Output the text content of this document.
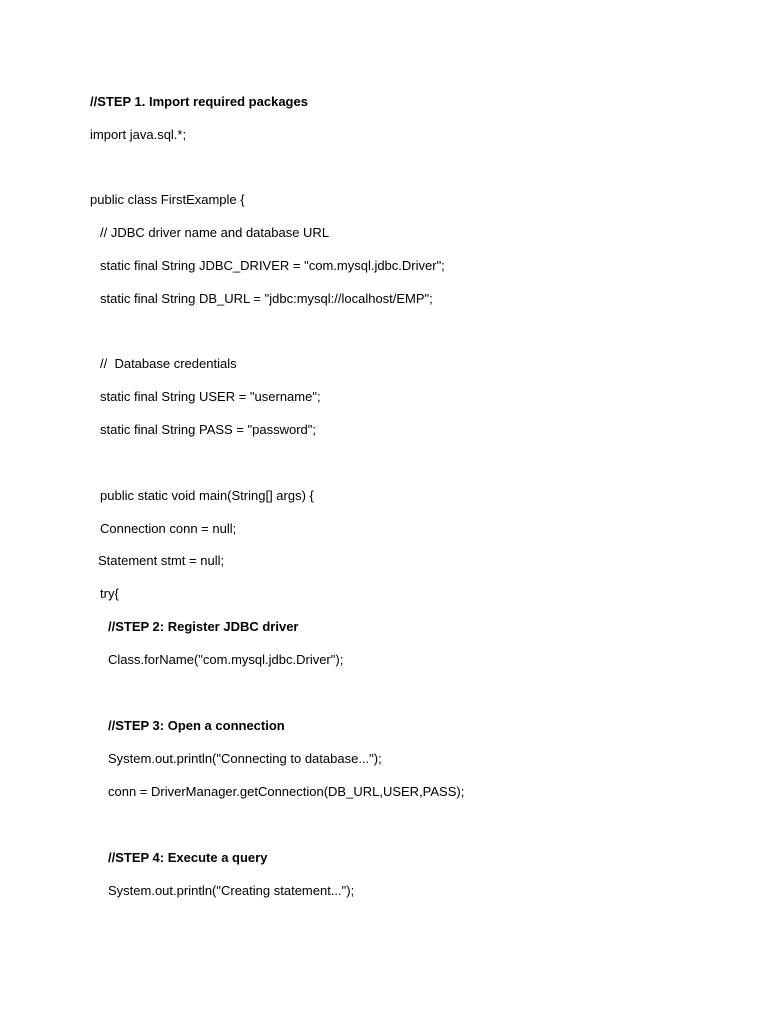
//STEP 1. Import required packages
import java.sql.*;
public class FirstExample {
// JDBC driver name and database URL
static final String JDBC_DRIVER = "com.mysql.jdbc.Driver";
static final String DB_URL = "jdbc:mysql://localhost/EMP";
//  Database credentials
static final String USER = "username";
static final String PASS = "password";
public static void main(String[] args) {
Connection conn = null;
Statement stmt = null;
try{
//STEP 2: Register JDBC driver
Class.forName("com.mysql.jdbc.Driver");
//STEP 3: Open a connection
System.out.println("Connecting to database...");
conn = DriverManager.getConnection(DB_URL,USER,PASS);
//STEP 4: Execute a query
System.out.println("Creating statement...");
